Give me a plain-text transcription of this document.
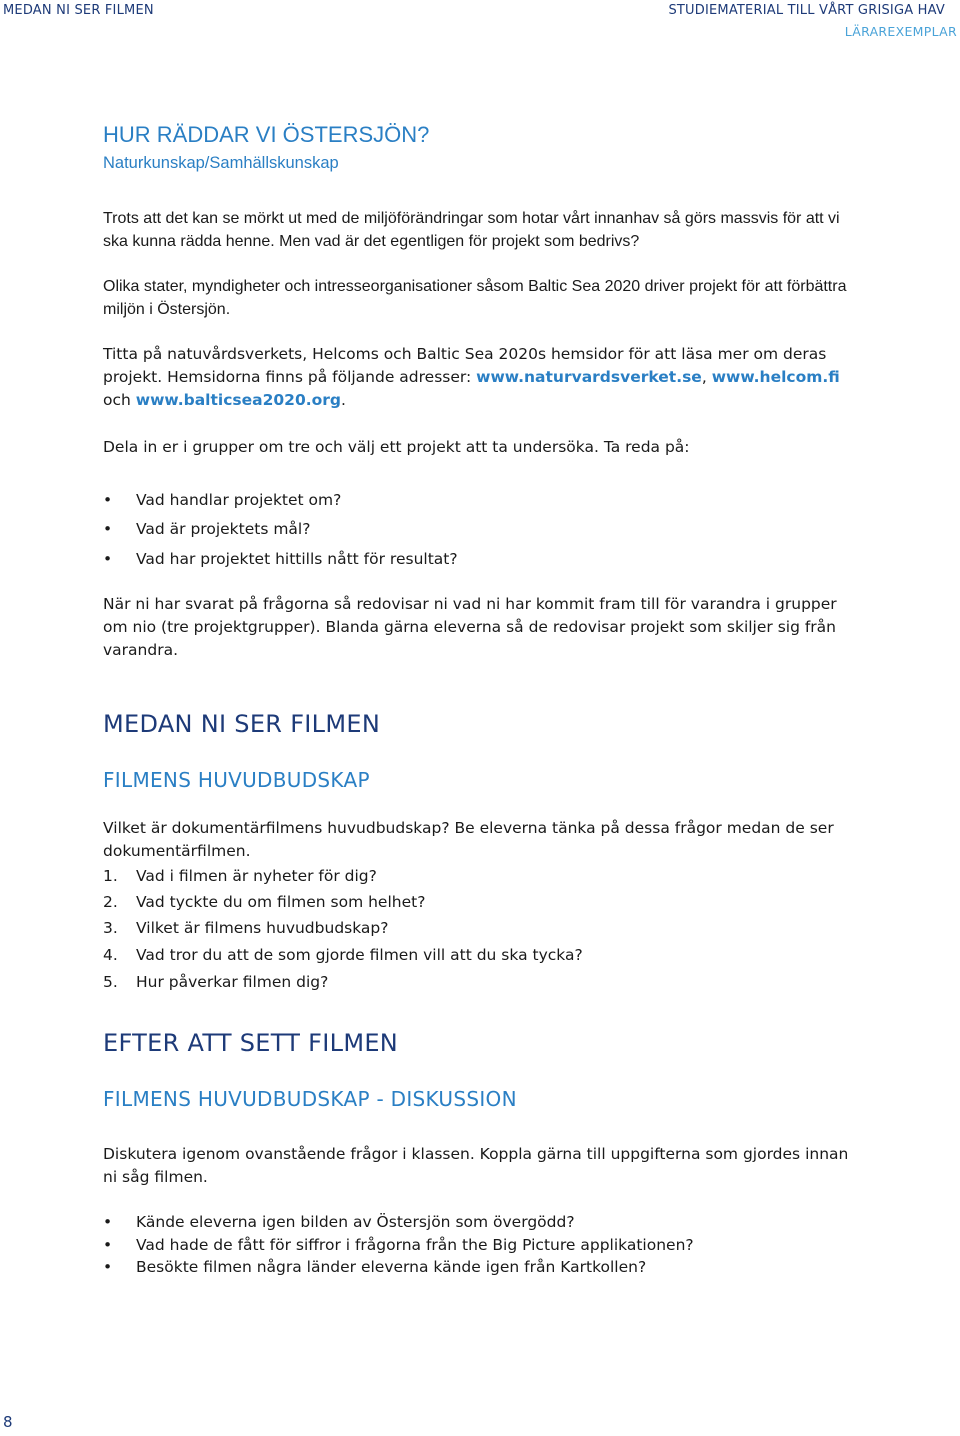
MEDAN NI SER FILMEN	STUDIEMATERIAL TILL VÅRT GRISIGA HAV
LÄRAREXEMPLAR
HUR RÄDDAR VI ÖSTERSJÖN?
Naturkunskap/Samhällskunskap
Trots att det kan se mörkt ut med de miljöförändringar som hotar vårt innanhav så görs massvis för att vi ska kunna rädda henne. Men vad är det egentligen för projekt som bedrivs?
Olika stater, myndigheter och intresseorganisationer såsom Baltic Sea 2020 driver projekt för att förbättra miljön i Östersjön.
Titta på natuvårdsverkets, Helcoms och Baltic Sea 2020s hemsidor för att läsa mer om deras projekt. Hemsidorna finns på följande adresser: www.naturvardsverket.se, www.helcom.fi och www.balticsea2020.org.
Dela in er i grupper om tre och välj ett projekt att ta undersöka. Ta reda på:
• Vad handlar projektet om?
• Vad är projektets mål?
• Vad har projektet hittills nått för resultat?
När ni har svarat på frågorna så redovisar ni vad ni har kommit fram till för varandra i grupper om nio (tre projektgrupper). Blanda gärna eleverna så de redovisar projekt som skiljer sig från varandra.
MEDAN NI SER FILMEN
FILMENS HUVUDBUDSKAP
Vilket är dokumentärfilmens huvudbudskap? Be eleverna tänka på dessa frågor medan de ser dokumentärfilmen.
1. Vad i filmen är nyheter för dig?
2. Vad tyckte du om filmen som helhet?
3. Vilket är filmens huvudbudskap?
4. Vad tror du att de som gjorde filmen vill att du ska tycka?
5. Hur påverkar filmen dig?
EFTER ATT SETT FILMEN
FILMENS HUVUDBUDSKAP - DISKUSSION
Diskutera igenom ovanstående frågor i klassen. Koppla gärna till uppgifterna som gjordes innan ni såg filmen.
• Kände eleverna igen bilden av Östersjön som övergödd?
• Vad hade de fått för siffror i frågorna från the Big Picture applikationen?
• Besökte filmen några länder eleverna kände igen från Kartkollen?
8
